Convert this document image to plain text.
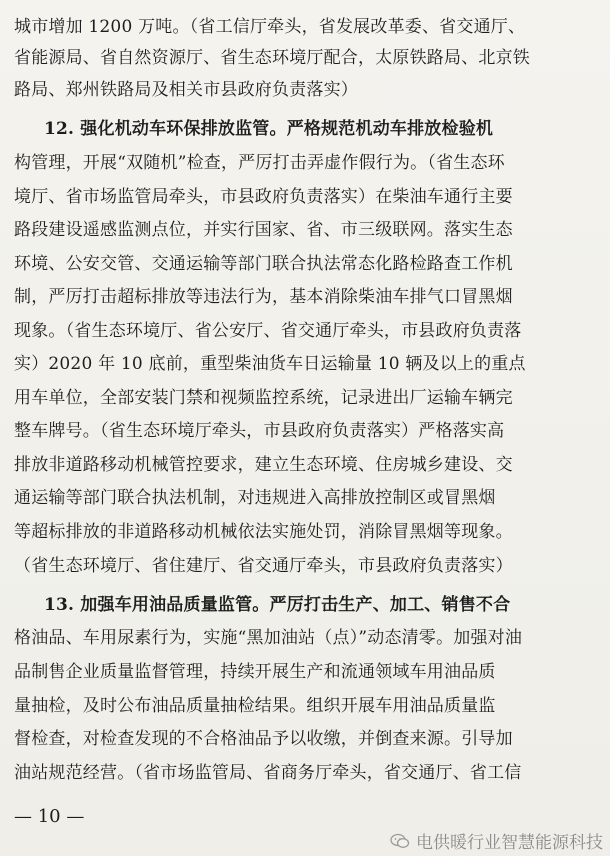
城市增加 1200 万吨。（省工信厅牵头，省发展改革委、省交通厅、
省能源局、省自然资源厅、省生态环境厅配合，太原铁路局、北京铁
路局、郑州铁路局及相关市县政府负责落实）
12. 强化机动车环保排放监管。严格规范机动车排放检验机
构管理，开展“双随机”检查，严厉打击弄虚作假行为。（省生态环
境厅、省市场监管局牵头，市县政府负责落实）在柴油车通行主要
路段建设遥感监测点位，并实行国家、省、市三级联网。落实生态
环境、公安交管、交通运输等部门联合执法常态化路检路查工作机
制，严厉打击超标排放等违法行为，基本消除柴油车排气口冒黑烟
现象。（省生态环境厅、省公安厅、省交通厅牵头，市县政府负责落
实）2020 年 10 底前，重型柴油货车日运输量 10 辆及以上的重点
用车单位，全部安装门禁和视频监控系统，记录进出厂运输车辆完
整车牌号。（省生态环境厅牵头，市县政府负责落实）严格落实高
排放非道路移动机械管控要求，建立生态环境、住房城乡建设、交
通运输等部门联合执法机制，对违规进入高排放控制区或冒黑烟
等超标排放的非道路移动机械依法实施处罚，消除冒黑烟等现象。
（省生态环境厅、省住建厅、省交通厅牵头，市县政府负责落实）
13. 加强车用油品质量监管。严厉打击生产、加工、销售不合
格油品、车用尿素行为，实施“黑加油站（点）”动态清零。加强对油
品制售企业质量监督管理，持续开展生产和流通领域车用油品质
量抽检，及时公布油品质量抽检结果。组织开展车用油品质量监
督检查，对检查发现的不合格油品予以收缴，并倒查来源。引导加
油站规范经营。（省市场监管局、省商务厅牵头，省交通厅、省工信
— 10 —
电供暖行业智慧能源科技
